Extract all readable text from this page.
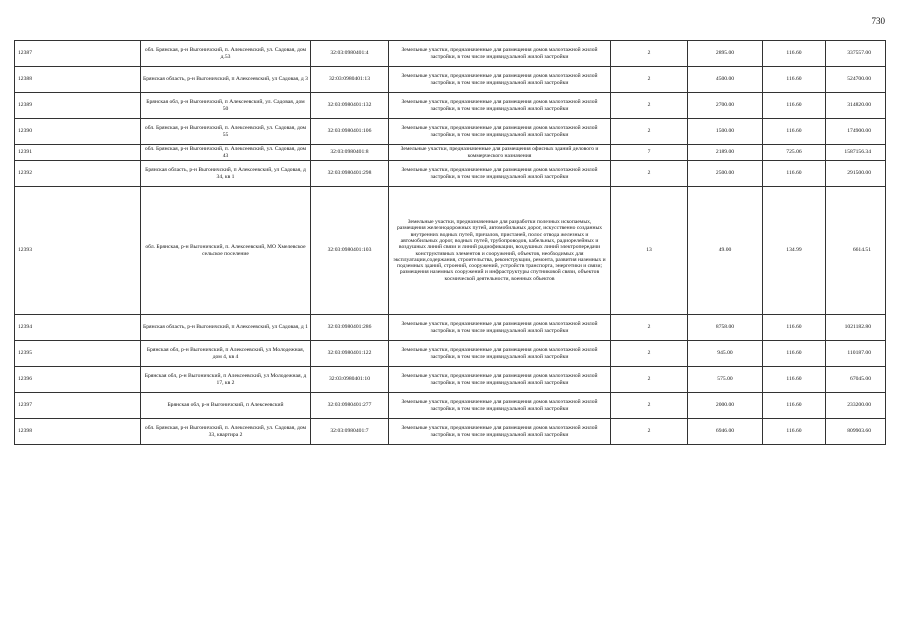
730
12387	обл. Брянская, р-н Выгоничский, п. Алексеевский, ул. Садовая, дом д.53	32:03:0980401:4	Земельные участки, предназначенные для размещения домов малоэтажной жилой застройки, в том числе индивидуальной жилой застройки	2	2895.00	116.60	337557.00
12388	Брянская область, р-н Выгоничский, п Алексеевский, ул Садовая, д 3	32:03:0980401:13	Земельные участки, предназначенные для размещения домов малоэтажной жилой застройки, в том числе индивидуальной жилой застройки	2	4500.00	116.60	524700.00
12389	Брянская обл, р-н Выгоничский, п Алексеевский, ул. Садовая, дом 50	32:03:0980401:132	Земельные участки, предназначенные для размещения домов малоэтажной жилой застройки, в том числе индивидуальной жилой застройки	2	2700.00	116.60	314820.00
12390	обл. Брянская, р-н Выгоничский, п. Алексеевский, ул. Садовая, дом 55	32:03:0980401:106	Земельные участки, предназначенные для размещения домов малоэтажной жилой застройки, в том числе индивидуальной жилой застройки	2	1500.00	116.60	174900.00
12391	обл. Брянская, р-н Выгоничский, п. Алексеевский, ул. Садовая, дом 43	32:03:0980401:8	Земельные участки, предназначенные для размещения офисных зданий делового и коммерческого назначения	7	2189.00	725.06	1587156.34
12392	Брянская область, р-н Выгоничский, п Алексеевский, ул Садовая, д 34, кв 1	32:03:0980401:298	Земельные участки, предназначенные для размещения домов малоэтажной жилой застройки, в том числе индивидуальной жилой застройки	2	2500.00	116.60	291500.00
12393	обл. Брянская, р-н Выгоничский, п. Алексеевский, МО Хмелевское сельское поселение	32:03:0980401:103	Земельные участки, предназначенные для разработки полезных ископаемых, размещения железнодорожных путей, автомобильных дорог, искусственно созданных внутренних водных путей, причалов, пристаней, полос отвода железных и автомобильных дорог, водных путей, трубопроводов, кабельных, радиорелейных и воздушных линий связи и линий радиофикации, воздушных линий электропередачи конструктивных элементов и сооружений, объектов, необходимых для эксплуатации,содержания, строительства, реконструкции, ремонта, развития наземных и подземных зданий, строений, сооружений, устройств транспорта, энергетики и связи; размещения наземных сооружений и инфраструктуры спутниковой связи, объектов космической деятельности, военных объектов	13	49.00	134.99	6614.51
12394	Брянская область, р-н Выгоничский, п Алексеевский, ул Садовая, д 1	32:03:0980401:286	Земельные участки, предназначенные для размещения домов малоэтажной жилой застройки, в том числе индивидуальной жилой застройки	2	8758.00	116.60	1021182.80
12395	Брянская обл, р-н Выгоничский, п Алексеевский, ул Молодежная, дом 4, кв 4	32:03:0980401:122	Земельные участки, предназначенные для размещения домов малоэтажной жилой застройки, в том числе индивидуальной жилой застройки	2	945.00	116.60	110187.00
12396	Брянская обл, р-н Выгоничский, п Алексеевский, ул Молодежная, д 17, кв 2	32:03:0980401:10	Земельные участки, предназначенные для размещения домов малоэтажной жилой застройки, в том числе индивидуальной жилой застройки	2	575.00	116.60	67045.00
12397	Брянская обл, р-н Выгоничский, п Алексеевский	32:03:0980401:277	Земельные участки, предназначенные для размещения домов малоэтажной жилой застройки, в том числе индивидуальной жилой застройки	2	2000.00	116.60	233200.00
12398	обл. Брянская, р-н Выгоничский, п. Алексеевский, ул. Садовая, дом 33, квартира 2	32:03:0980401:7	Земельные участки, предназначенные для размещения домов малоэтажной жилой застройки, в том числе индивидуальной жилой застройки	2	6946.00	116.60	809903.60
